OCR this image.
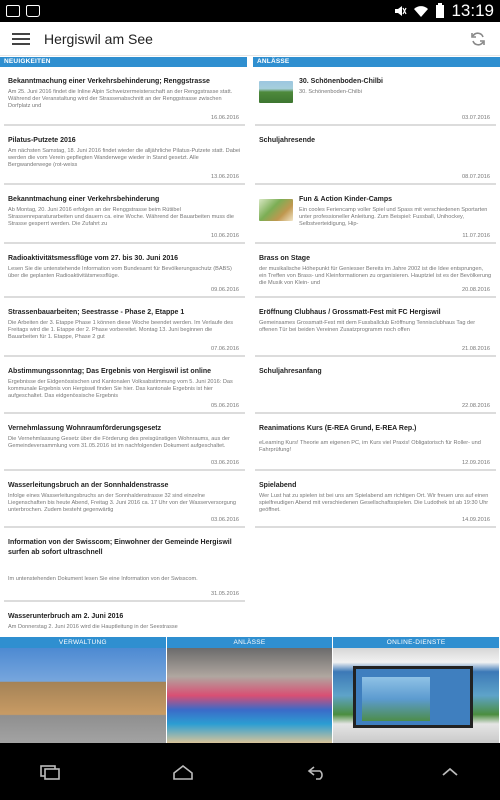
13:19
Hergiswil am See
NEUIGKEITEN	ANLÄSSE
Bekanntmachung einer Verkehrsbehinderung; Renggstrasse
Am 25. Juni 2016 findet die Inline Alpin Schweizermeisterschaft an der Renggstrasse statt. Während der Veranstaltung wird der Strassenabschnitt an der Renggstrasse zwischen Dorfplatz und
16.06.2016
Pilatus-Putzete 2016
Am nächsten Samstag, 18. Juni 2016 findet wieder die alljährliche Pilatus-Putzete statt. Dabei werden die vom Verein gepflegten Wanderwege wieder in Stand gesetzt. Alle Bergwanderwege (rot-weiss
13.06.2016
Bekanntmachung einer Verkehrsbehinderung
Ab Montag, 20. Juni 2016 erfolgen an der Renggstrasse beim Rütiibel Strassenreparaturarbeiten und dauern ca. eine Woche. Während der Bauarbeiten muss die Strasse gesperrt werden. Die Zufahrt zu
10.06.2016
Radioaktivitätsmessflüge vom 27. bis 30. Juni 2016
Lesen Sie die untenstehende Information vom Bundesamt für Bevölkerungsschutz (BABS) über die geplanten Radioaktivitätsmessflüge.
09.06.2016
Strassenbauarbeiten; Seestrasse - Phase 2, Etappe 1
Die Arbeiten der 3. Etappe Phase 1 können diese Woche beendet werden. Im Verlaufe des Freitags wird die 1. Etappe der 2. Phase vorbereitet. Montag 13. Juni beginnen die Bauarbeiten für 1. Etappe, Phase 2 gut
07.06.2016
Abstimmungssonntag; Das Ergebnis von Hergiswil ist online
Ergebnisse der Eidgenössischen und Kantonalen Volksabstimmung vom 5. Juni 2016: Das kommunale Ergebnis von Hergiswil finden Sie hier. Das kantonale Ergebnis ist hier aufgeschaltet. Das eidgenössische Ergebnis
05.06.2016
Vernehmlassung Wohnraumförderungsgesetz
Die Vernehmlassung Gesetz über die Förderung des preisgünstigen Wohnraums, aus der Gemeindeversammlung vom 31.05.2016 ist im nachfolgenden Dokument aufgeschaltet.
03.06.2016
Wasserleitungsbruch an der Sonnhaldenstrasse
Infolge eines Wasserleitungsbruchs an der Sonnhaldenstrasse 32 sind einzelne Liegenschaften bis heute Abend, Freitag 3. Juni 2016 ca. 17 Uhr von der Wasserversorgung unterbrochen. Zudem besteht gegenwärtig
03.06.2016
Information von der Swisscom; Einwohner der Gemeinde Hergiswil surfen ab sofort ultraschnell
Im untenstehenden Dokument lesen Sie eine Information von der Swisscom.
31.05.2016
Wasserunterbruch am 2. Juni 2016
Am Donnerstag 2. Juni 2016 wird die Hauptleitung in der Seestrasse
30. Schönenboden-Chilbi
30. Schönenboden-Chilbi
03.07.2016
Schuljahresende
08.07.2016
Fun & Action Kinder-Camps
Ein cooles Feriencamp voller Spiel und Spass mit verschiedenen Sportarten unter professioneller Anleitung. Zum Beispiel: Fussball, Unihockey, Selbstverteidigung, Hip-
11.07.2016
Brass on Stage
der musikalische Höhepunkt für Geniesser Bereits im Jahre 2002 ist die Idee entsprungen, ein Treffen von Brass- und Kleinformationen zu organisieren. Hauptziel ist es der Bevölkerung die Musik von Klein- und
20.08.2016
Eröffnung Clubhaus / Grossmatt-Fest mit FC Hergiswil
Gemeinsames Grossmatt-Fest mit dem Fussballclub Eröffnung Tennisclubhaus Tag der offenen Tür bei beiden Vereinen Zusatzprogramm noch offen
21.08.2016
Schuljahresanfang
22.08.2016
Reanimations Kurs (E-REA Grund, E-REA Rep.)
eLearning Kurs! Theorie am eigenen PC, im Kurs viel Praxis! Obligatorisch für Roller- und Fahrprüfung!
12.09.2016
Spielabend
Wer Lust hat zu spielen ist bei uns am Spielabend am richtigen Ort. Wir freuen uns auf einen spielfreudigen Abend mit verschiedenen Gesellschaftsspielen. Die Ludothek ist ab 19:30 Uhr geöffnet.
14.09.2016
VERWALTUNG	ANLÄSSE	ONLINE-DIENSTE
